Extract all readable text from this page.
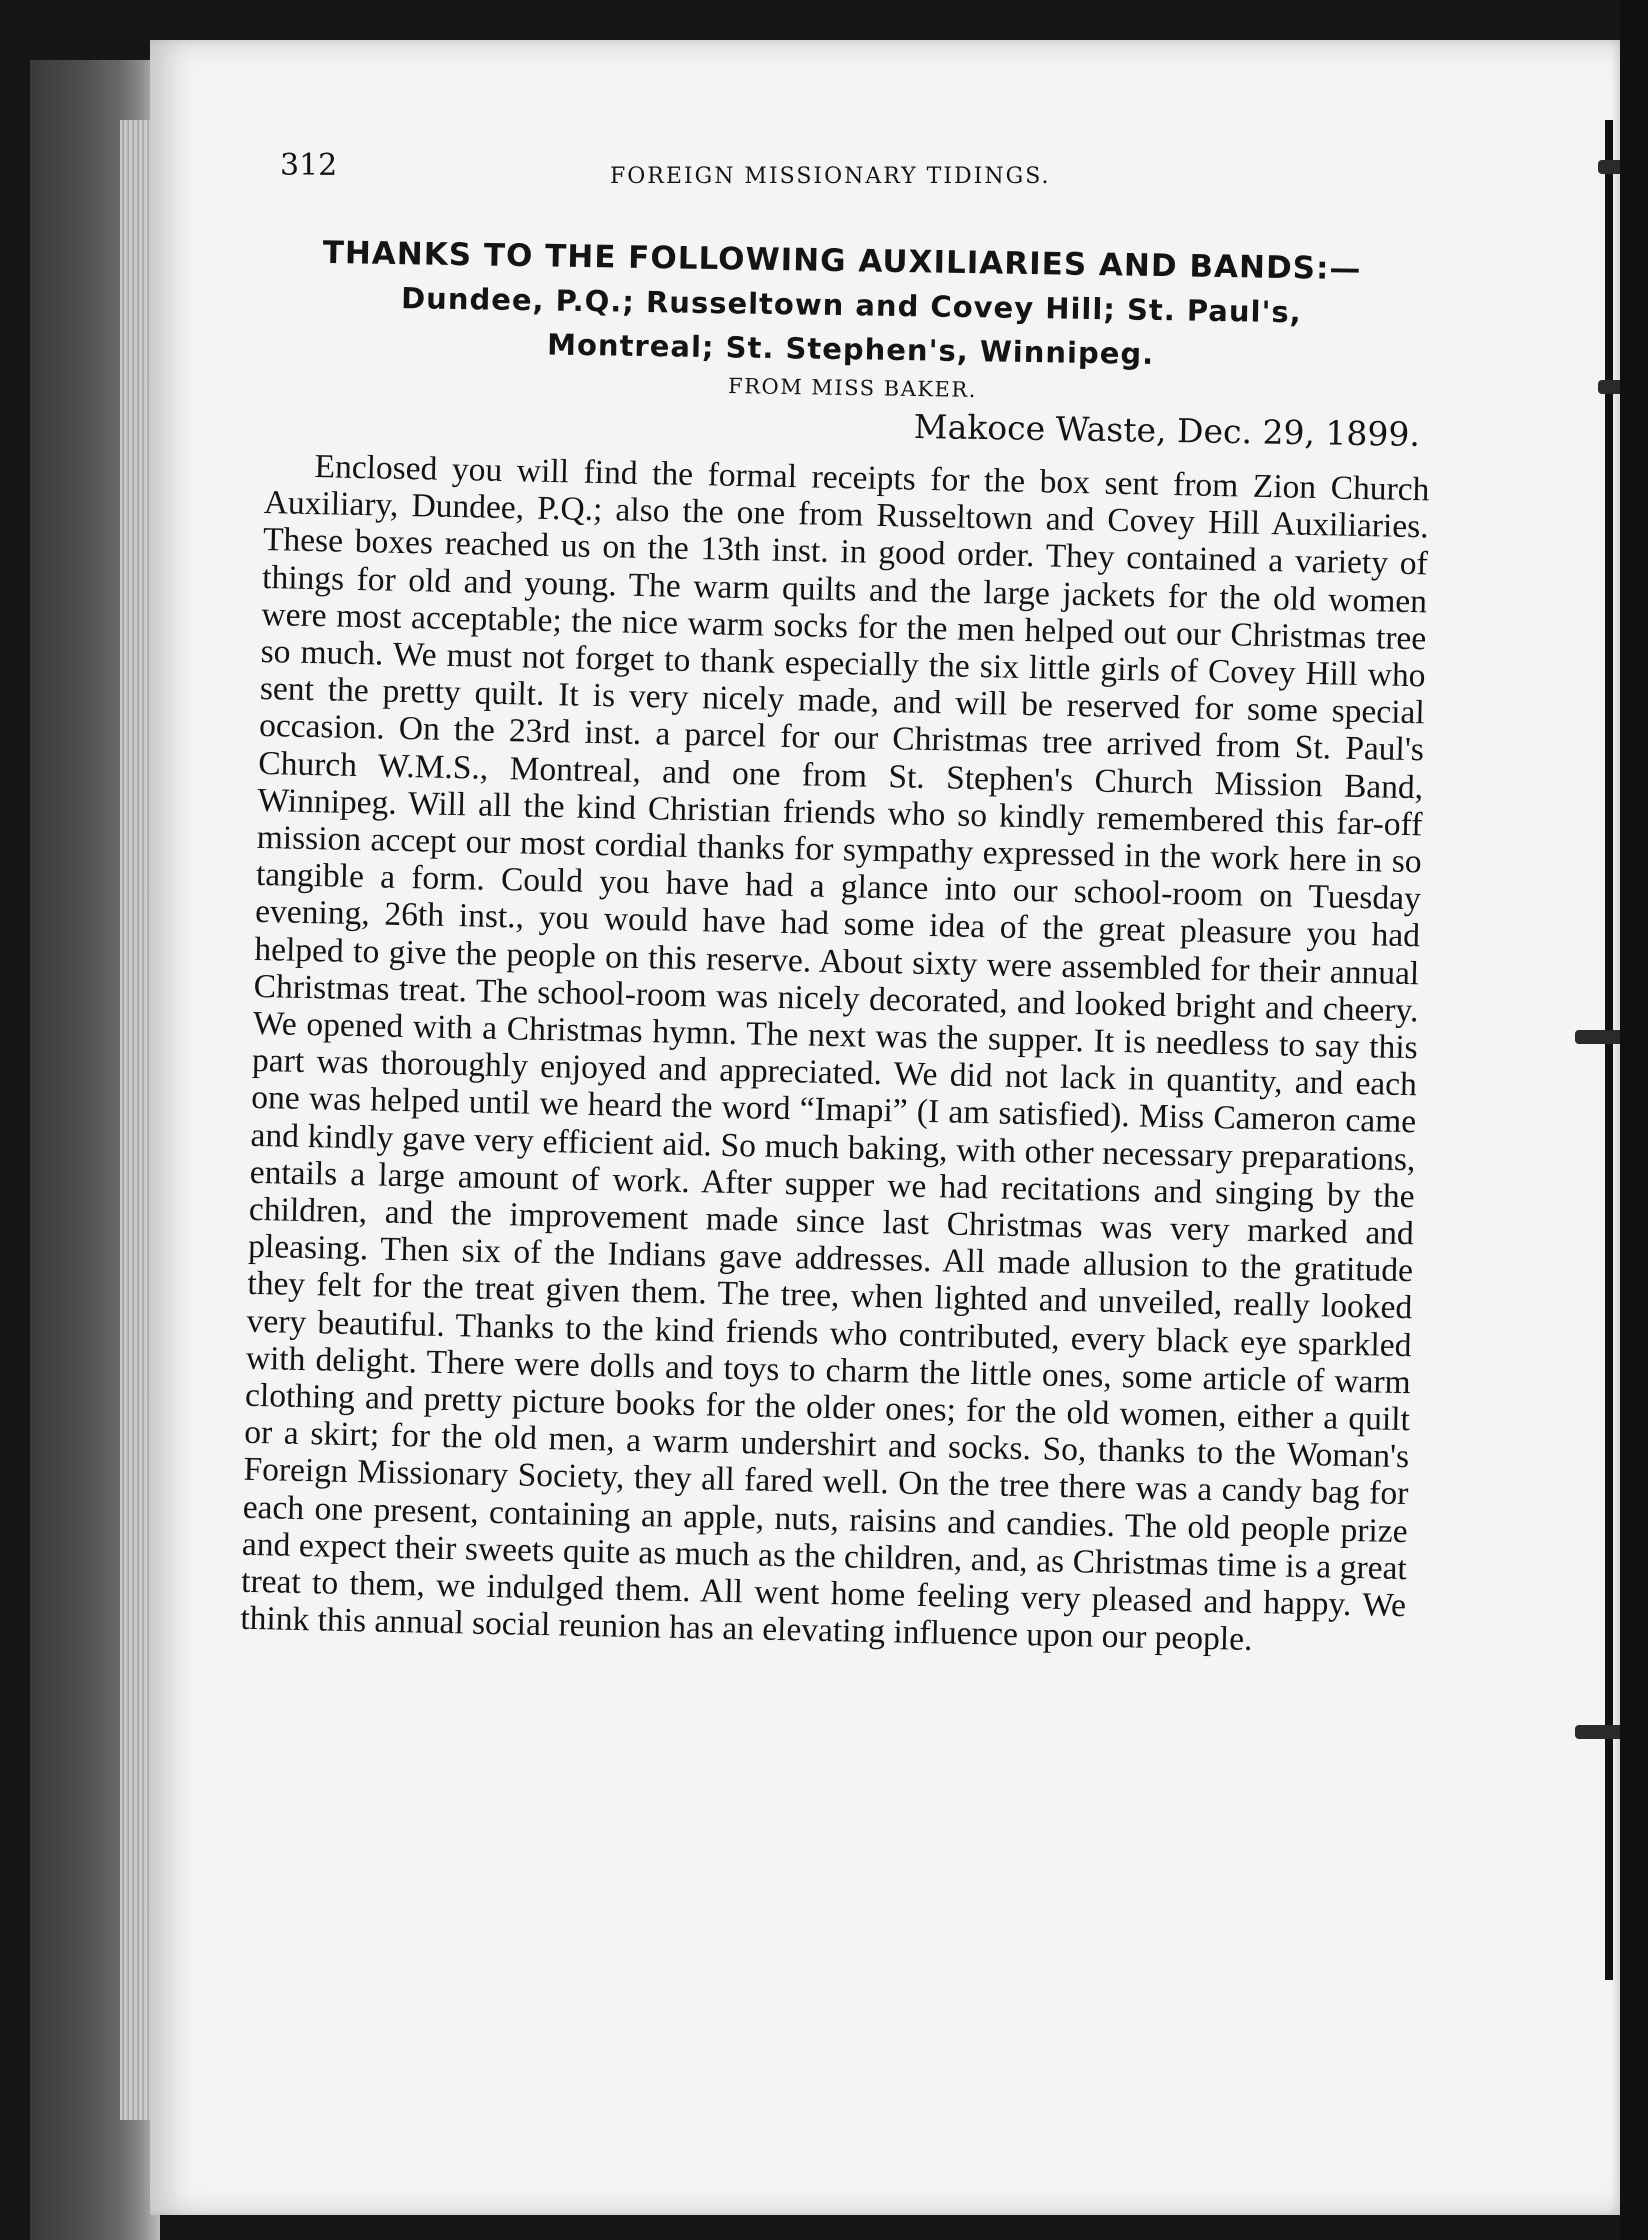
312	FOREIGN MISSIONARY TIDINGS.
THANKS TO THE FOLLOWING AUXILIARIES AND BANDS:—
Dundee, P.Q.; Russeltown and Covey Hill; St. Paul's,
Montreal; St. Stephen's, Winnipeg.
FROM MISS BAKER.
Makoce Waste, Dec. 29, 1899.

Enclosed you will find the formal receipts for the box sent from Zion Church Auxiliary, Dundee, P.Q.; also the one from Russeltown and Covey Hill Auxiliaries. These boxes reached us on the 13th inst. in good order. They contained a variety of things for old and young. The warm quilts and the large jackets for the old women were most acceptable; the nice warm socks for the men helped out our Christmas tree so much. We must not forget to thank especially the six little girls of Covey Hill who sent the pretty quilt. It is very nicely made, and will be reserved for some special occasion. On the 23rd inst. a parcel for our Christmas tree arrived from St. Paul's Church W.M.S., Montreal, and one from St. Stephen's Church Mission Band, Winnipeg. Will all the kind Christian friends who so kindly remembered this far-off mission accept our most cordial thanks for sympathy expressed in the work here in so tangible a form. Could you have had a glance into our school-room on Tuesday evening, 26th inst., you would have had some idea of the great pleasure you had helped to give the people on this reserve. About sixty were assembled for their annual Christmas treat. The school-room was nicely decorated, and looked bright and cheery. We opened with a Christmas hymn. The next was the supper. It is needless to say this part was thoroughly enjoyed and appreciated. We did not lack in quantity, and each one was helped until we heard the word “Imapi” (I am satisfied). Miss Cameron came and kindly gave very efficient aid. So much baking, with other necessary preparations, entails a large amount of work. After supper we had recitations and singing by the children, and the improvement made since last Christmas was very marked and pleasing. Then six of the Indians gave addresses. All made allusion to the gratitude they felt for the treat given them. The tree, when lighted and unveiled, really looked very beautiful. Thanks to the kind friends who contributed, every black eye sparkled with delight. There were dolls and toys to charm the little ones, some article of warm clothing and pretty picture books for the older ones; for the old women, either a quilt or a skirt; for the old men, a warm undershirt and socks. So, thanks to the Woman's Foreign Missionary Society, they all fared well. On the tree there was a candy bag for each one present, containing an apple, nuts, raisins and candies. The old people prize and expect their sweets quite as much as the children, and, as Christmas time is a great treat to them, we indulged them. All went home feeling very pleased and happy. We think this annual social reunion has an elevating influence upon our people.
